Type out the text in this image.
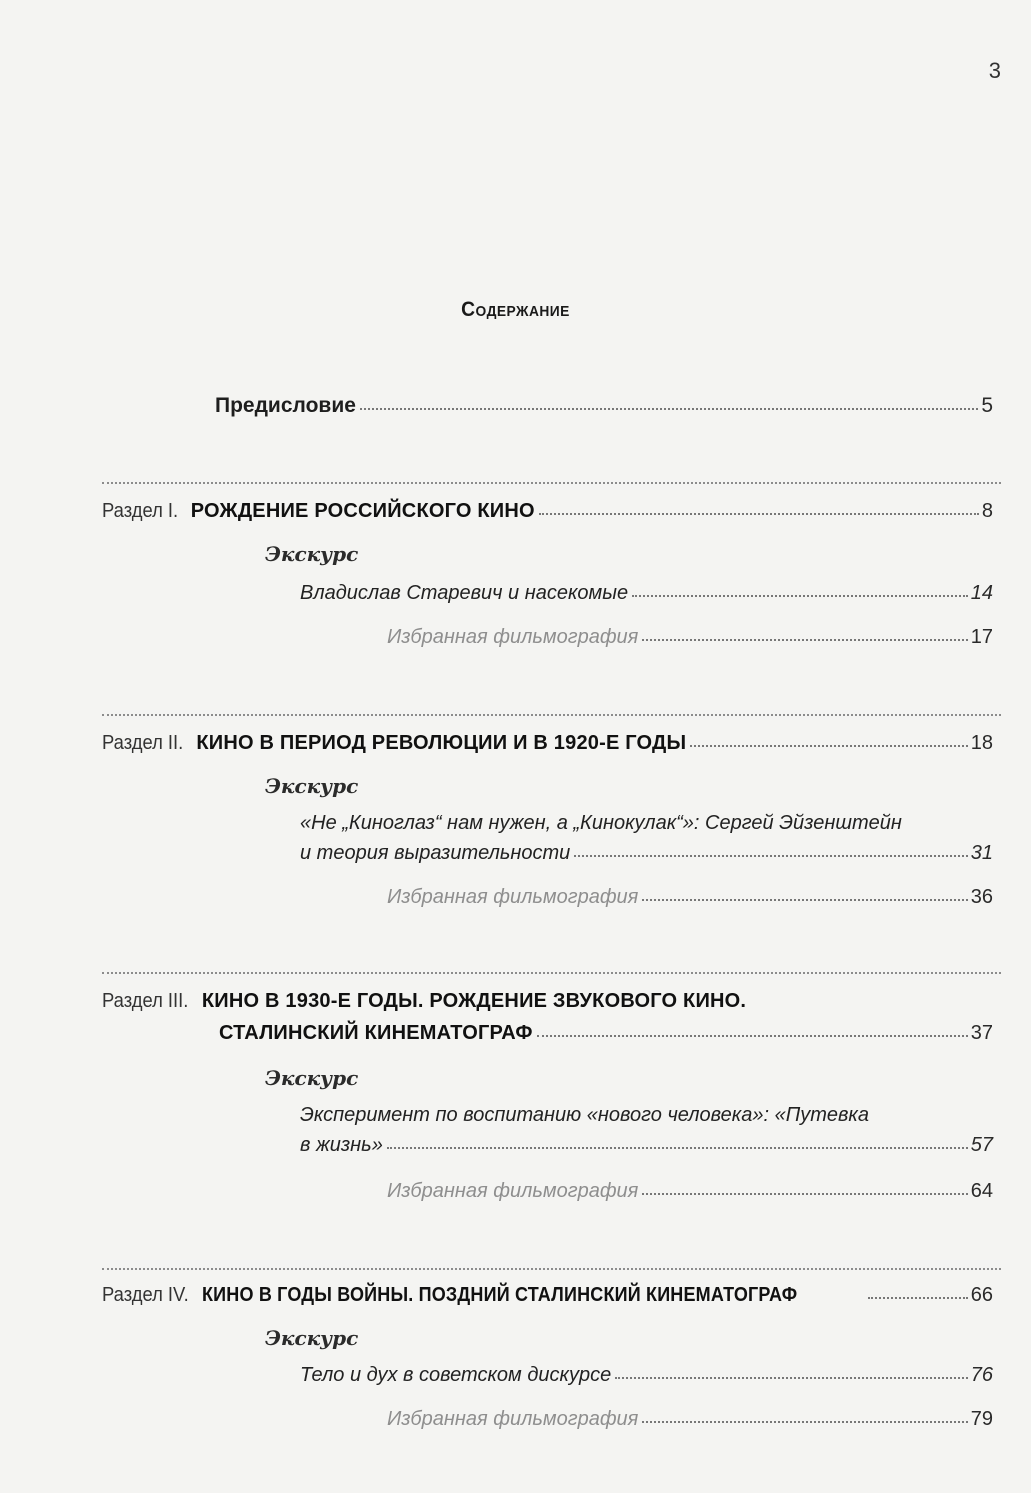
3
Содержание
Предисловие	5
Раздел I. РОЖДЕНИЕ РОССИЙСКОГО КИНО	8
Экскурс
Владислав Старевич и насекомые	14
Избранная фильмография	17
Раздел II. КИНО В ПЕРИОД РЕВОЛЮЦИИ И В 1920-Е ГОДЫ	18
Экскурс
«Не „Киноглаз“ нам нужен, а „Кинокулак“»: Сергей Эйзенштейн
и теория выразительности	31
Избранная фильмография	36
Раздел III. КИНО В 1930-Е ГОДЫ. РОЖДЕНИЕ ЗВУКОВОГО КИНО.
СТАЛИНСКИЙ КИНЕМАТОГРАФ	37
Экскурс
Эксперимент по воспитанию «нового человека»: «Путевка
в жизнь»	57
Избранная фильмография	64
Раздел IV. КИНО В ГОДЫ ВОЙНЫ. ПОЗДНИЙ СТАЛИНСКИЙ КИНЕМАТОГРАФ	66
Экскурс
Тело и дух в советском дискурсе	76
Избранная фильмография	79
